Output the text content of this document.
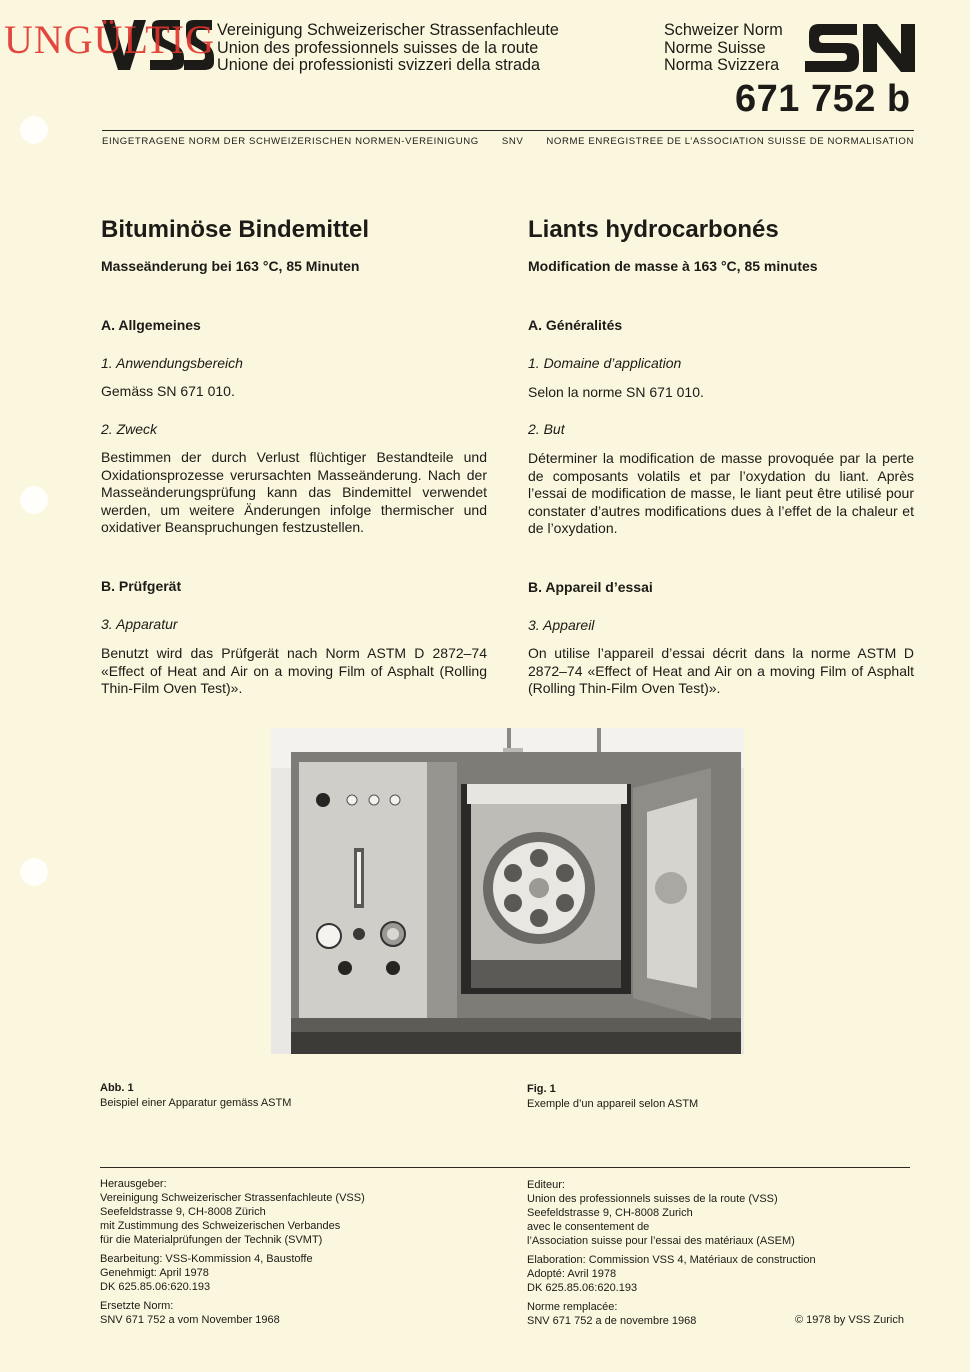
UNGÜLTIG Vereinigung Schweizerischer Strassenfachleute
Union des professionnels suisses de la route
Unione dei professionisti svizzeri della strada
Schweizer Norm
Norme Suisse
Norma Svizzera
671 752 b
EINGETRAGENE NORM DER SCHWEIZERISCHEN NORMEN-VEREINIGUNG SNV NORME ENREGISTREE DE L’ASSOCIATION SUISSE DE NORMALISATION
Bituminöse Bindemittel
Masseänderung bei 163 °C, 85 Minuten
A. Allgemeines
1. Anwendungsbereich
Gemäss SN 671 010.
2. Zweck
Bestimmen der durch Verlust flüchtiger Bestandteile und Oxidationsprozesse verursachten Masseänderung. Nach der Masseänderungsprüfung kann das Bindemittel verwendet werden, um weitere Änderungen infolge thermischer und oxidativer Beanspruchungen festzustellen.
B. Prüfgerät
3. Apparatur
Benutzt wird das Prüfgerät nach Norm ASTM D 2872–74 «Effect of Heat and Air on a moving Film of Asphalt (Rolling Thin-Film Oven Test)».
Liants hydrocarbonés
Modification de masse à 163 °C, 85 minutes
A. Généralités
1. Domaine d’application
Selon la norme SN 671 010.
2. But
Déterminer la modification de masse provoquée par la perte de composants volatils et par l’oxydation du liant. Après l’essai de modification de masse, le liant peut être utilisé pour constater d’autres modifications dues à l’effet de la chaleur et de l’oxydation.
B. Appareil d’essai
3. Appareil
On utilise l’appareil d’essai décrit dans la norme ASTM D 2872–74 «Effect of Heat and Air on a moving Film of Asphalt (Rolling Thin-Film Oven Test)».
Abb. 1
Beispiel einer Apparatur gemäss ASTM
Fig. 1
Exemple d’un appareil selon ASTM
Herausgeber:
Vereinigung Schweizerischer Strassenfachleute (VSS)
Seefeldstrasse 9, CH-8008 Zürich
mit Zustimmung des Schweizerischen Verbandes
für die Materialprüfungen der Technik (SVMT)
Bearbeitung: VSS-Kommission 4, Baustoffe
Genehmigt: April 1978
DK 625.85.06:620.193
Ersetzte Norm:
SNV 671 752 a vom November 1968
Editeur:
Union des professionnels suisses de la route (VSS)
Seefeldstrasse 9, CH-8008 Zurich
avec le consentement de
l’Association suisse pour l’essai des matériaux (ASEM)
Elaboration: Commission VSS 4, Matériaux de construction
Adopté: Avril 1978
DK 625.85.06:620.193
Norme remplacée:
SNV 671 752 a de novembre 1968	© 1978 by VSS Zurich
